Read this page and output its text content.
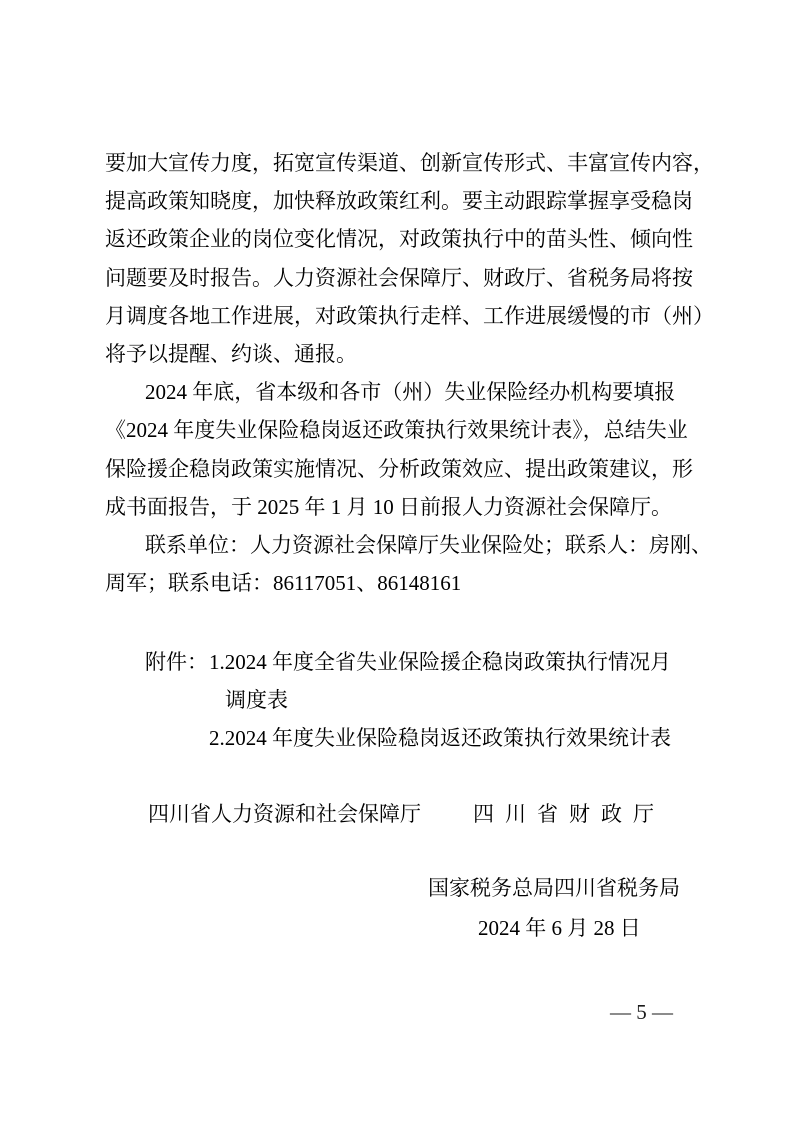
要加大宣传力度，拓宽宣传渠道、创新宣传形式、丰富宣传内容，
提高政策知晓度，加快释放政策红利。要主动跟踪掌握享受稳岗
返还政策企业的岗位变化情况，对政策执行中的苗头性、倾向性
问题要及时报告。人力资源社会保障厅、财政厅、省税务局将按
月调度各地工作进展，对政策执行走样、工作进展缓慢的市（州）
将予以提醒、约谈、通报。
2024 年底，省本级和各市（州）失业保险经办机构要填报
《2024 年度失业保险稳岗返还政策执行效果统计表》，总结失业
保险援企稳岗政策实施情况、分析政策效应、提出政策建议，形
成书面报告，于 2025 年 1 月 10 日前报人力资源社会保障厅。
联系单位：人力资源社会保障厅失业保险处；联系人：房刚、
周军；联系电话：86117051、86148161
附件： 1.2024 年度全省失业保险援企稳岗政策执行情况月
调度表
2.2024 年度失业保险稳岗返还政策执行效果统计表
四川省人力资源和社会保障厅 四川省财政厅
国家税务总局四川省税务局
2024 年 6 月 28 日
— 5 —
